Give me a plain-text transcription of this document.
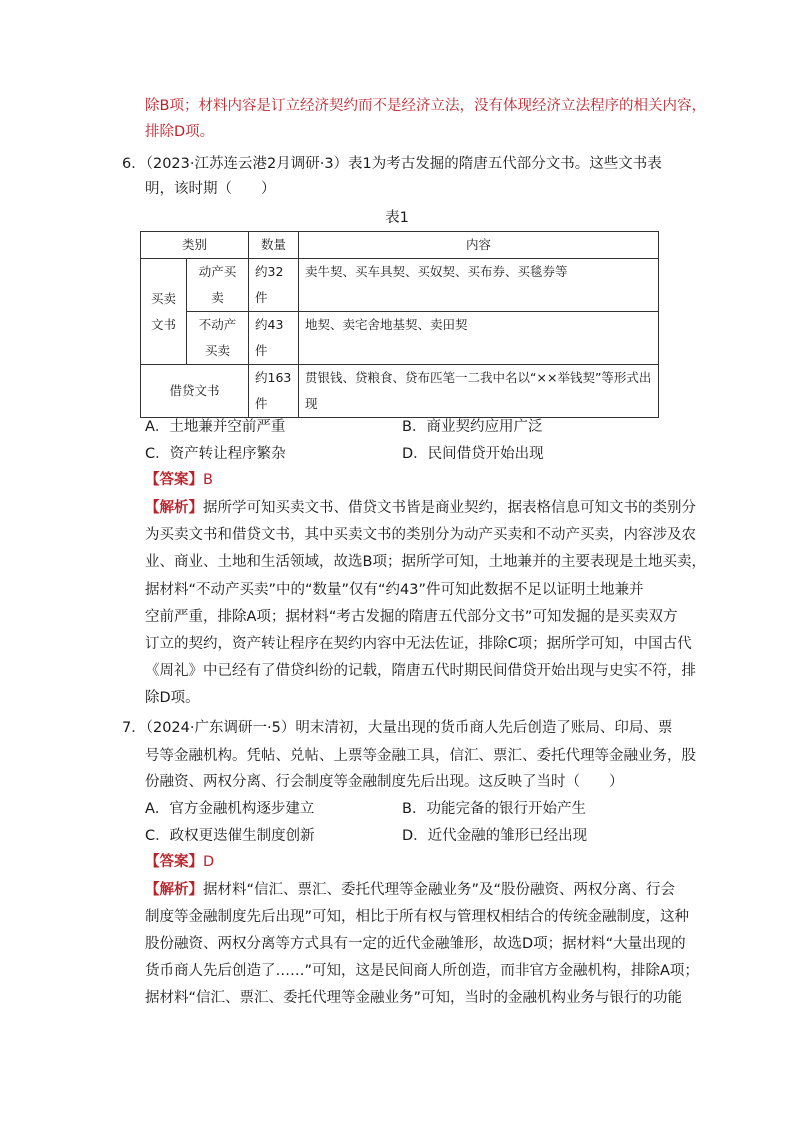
除B项；材料内容是订立经济契约而不是经济立法，没有体现经济立法程序的相关内容，
排除D项。
6．（2023·江苏连云港2月调研·3）表1为考古发掘的隋唐五代部分文书。这些文书表
明，该时期（　　）
表1
类别		数量	内容
买卖文书	动产买卖	约32件	卖牛契、买车具契、买奴契、买布券、买毯券等
	不动产买卖	约43件	地契、卖宅舍地基契、卖田契
借贷文书		约163件	贯银钱、贷粮食、贷布匹笔一二我中名以“××举钱契”等形式出现
A．土地兼并空前严重	B．商业契约应用广泛
C．资产转让程序繁杂	D．民间借贷开始出现
【答案】B
【解析】据所学可知买卖文书、借贷文书皆是商业契约，据表格信息可知文书的类别分
为买卖文书和借贷文书，其中买卖文书的类别分为动产买卖和不动产买卖，内容涉及农
业、商业、土地和生活领域，故选B项；据所学可知，土地兼并的主要表现是土地买卖，
据材料“不动产买卖”中的“数量”仅有“约43”件可知此数据不足以证明土地兼并
空前严重，排除A项；据材料“考古发掘的隋唐五代部分文书”可知发掘的是买卖双方
订立的契约，资产转让程序在契约内容中无法佐证，排除C项；据所学可知，中国古代
《周礼》中已经有了借贷纠纷的记载，隋唐五代时期民间借贷开始出现与史实不符，排
除D项。
7．（2024·广东调研一·5）明末清初，大量出现的货币商人先后创造了账局、印局、票
号等金融机构。凭帖、兑帖、上票等金融工具，信汇、票汇、委托代理等金融业务，股
份融资、两权分离、行会制度等金融制度先后出现。这反映了当时（　　）
A．官方金融机构逐步建立	B．功能完备的银行开始产生
C．政权更迭催生制度创新	D．近代金融的雏形已经出现
【答案】D
【解析】据材料“信汇、票汇、委托代理等金融业务”及“股份融资、两权分离、行会
制度等金融制度先后出现”可知，相比于所有权与管理权相结合的传统金融制度，这种
股份融资、两权分离等方式具有一定的近代金融雏形，故选D项；据材料“大量出现的
货币商人先后创造了……”可知，这是民间商人所创造，而非官方金融机构，排除A项；
据材料“信汇、票汇、委托代理等金融业务”可知，当时的金融机构业务与银行的功能
